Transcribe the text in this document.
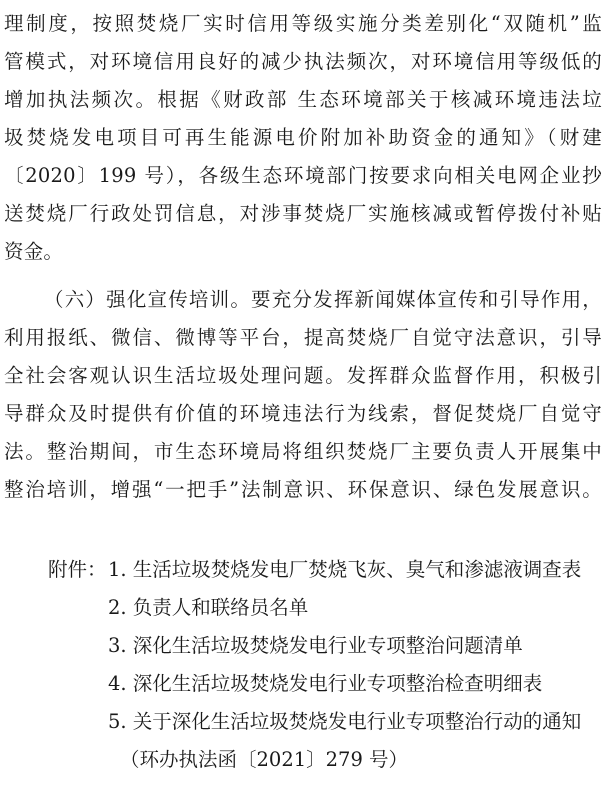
理制度，按照焚烧厂实时信用等级实施分类差别化“双随机”监
管模式，对环境信用良好的减少执法频次，对环境信用等级低的
增加执法频次。根据《财政部 生态环境部关于核减环境违法垃
圾焚烧发电项目可再生能源电价附加补助资金的通知》（财建
〔2020〕199 号），各级生态环境部门按要求向相关电网企业抄
送焚烧厂行政处罚信息，对涉事焚烧厂实施核减或暂停拨付补贴
资金。
（六）强化宣传培训。要充分发挥新闻媒体宣传和引导作用，
利用报纸、微信、微博等平台，提高焚烧厂自觉守法意识，引导
全社会客观认识生活垃圾处理问题。发挥群众监督作用，积极引
导群众及时提供有价值的环境违法行为线索，督促焚烧厂自觉守
法。整治期间，市生态环境局将组织焚烧厂主要负责人开展集中
整治培训，增强“一把手”法制意识、环保意识、绿色发展意识。
附件： 1. 生活垃圾焚烧发电厂焚烧飞灰、臭气和渗滤液调查表
2. 负责人和联络员名单
3. 深化生活垃圾焚烧发电行业专项整治问题清单
4. 深化生活垃圾焚烧发电行业专项整治检查明细表
5. 关于深化生活垃圾焚烧发电行业专项整治行动的通知
（环办执法函〔2021〕279 号）
